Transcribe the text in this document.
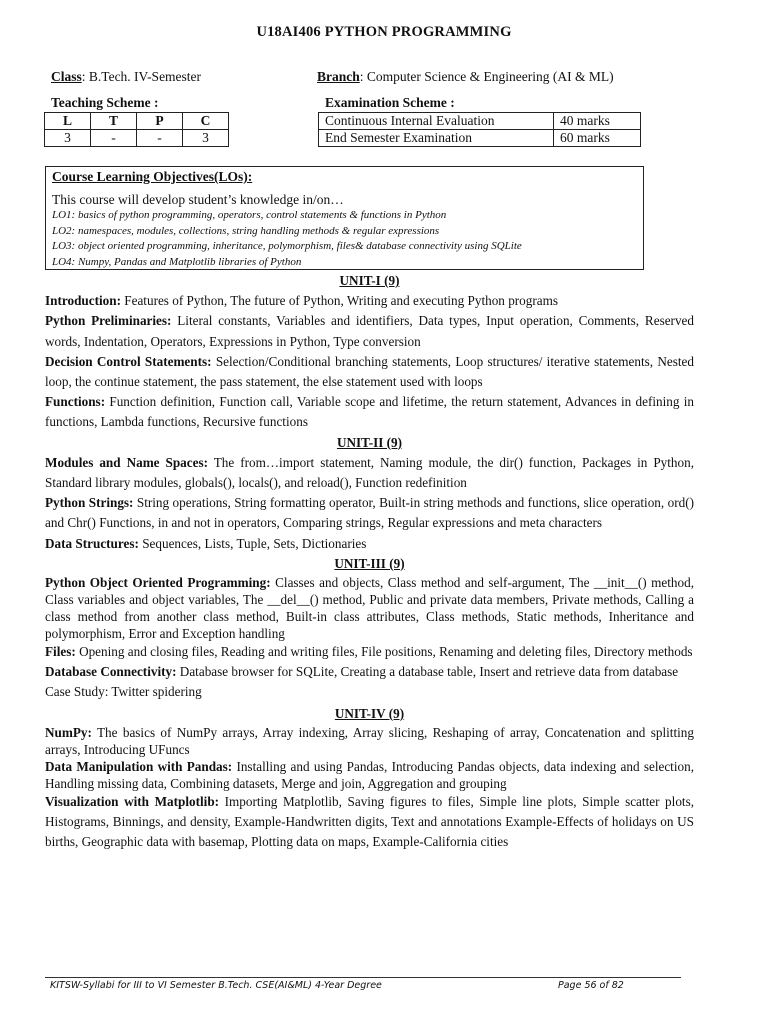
U18AI406 PYTHON PROGRAMMING
Class: B.Tech. IV-Semester	Branch: Computer Science & Engineering (AI & ML)
Teaching Scheme :	Examination Scheme :
L	T	P	C
3	-	-	3
Continuous Internal Evaluation	40 marks
End Semester Examination	60 marks
Course Learning Objectives(LOs):
This course will develop student’s knowledge in/on…
LO1: basics of python programming, operators, control statements & functions in Python
LO2: namespaces, modules, collections, string handling methods & regular expressions
LO3: object oriented programming, inheritance, polymorphism, files& database connectivity using SQLite
LO4: Numpy, Pandas and Matplotlib libraries of Python
UNIT-I (9)

Introduction: Features of Python, The future of Python, Writing and executing Python programs

Python Preliminaries: Literal constants, Variables and identifiers, Data types, Input operation, Comments, Reserved words, Indentation, Operators, Expressions in Python, Type conversion

Decision Control Statements: Selection/Conditional branching statements, Loop structures/ iterative statements, Nested loop, the continue statement, the pass statement, the else statement used with loops

Functions: Function definition, Function call, Variable scope and lifetime, the return statement, Advances in defining in functions, Lambda functions, Recursive functions

UNIT-II (9)

Modules and Name Spaces: The from…import statement, Naming module, the dir() function, Packages in Python, Standard library modules, globals(), locals(), and reload(), Function redefinition

Python Strings: String operations, String formatting operator, Built-in string methods and functions, slice operation, ord() and Chr() Functions, in and not in operators, Comparing strings, Regular expressions and meta characters

Data Structures: Sequences, Lists, Tuple, Sets, Dictionaries

UNIT-III (9)

Python Object Oriented Programming: Classes and objects, Class method and self-argument, The __init__() method, Class variables and object variables, The __del__() method, Public and private data members, Private methods, Calling a class method from another class method, Built-in class attributes, Class methods, Static methods, Inheritance and polymorphism, Error and Exception handling

Files: Opening and closing files, Reading and writing files, File positions, Renaming and deleting files, Directory methods

Database Connectivity: Database browser for SQLite, Creating a database table, Insert and retrieve data from database

Case Study: Twitter spidering

UNIT-IV (9)

NumPy: The basics of NumPy arrays, Array indexing, Array slicing, Reshaping of array, Concatenation and splitting arrays, Introducing UFuncs

Data Manipulation with Pandas: Installing and using Pandas, Introducing Pandas objects, data indexing and selection, Handling missing data, Combining datasets, Merge and join, Aggregation and grouping

Visualization with Matplotlib: Importing Matplotlib, Saving figures to files, Simple line plots, Simple scatter plots, Histograms, Binnings, and density, Example-Handwritten digits, Text and annotations Example-Effects of holidays on US births, Geographic data with basemap, Plotting data on maps, Example-California cities

KITSW-Syllabi for III to VI Semester B.Tech. CSE(AI&ML) 4-Year Degree	Page 56 of 82
